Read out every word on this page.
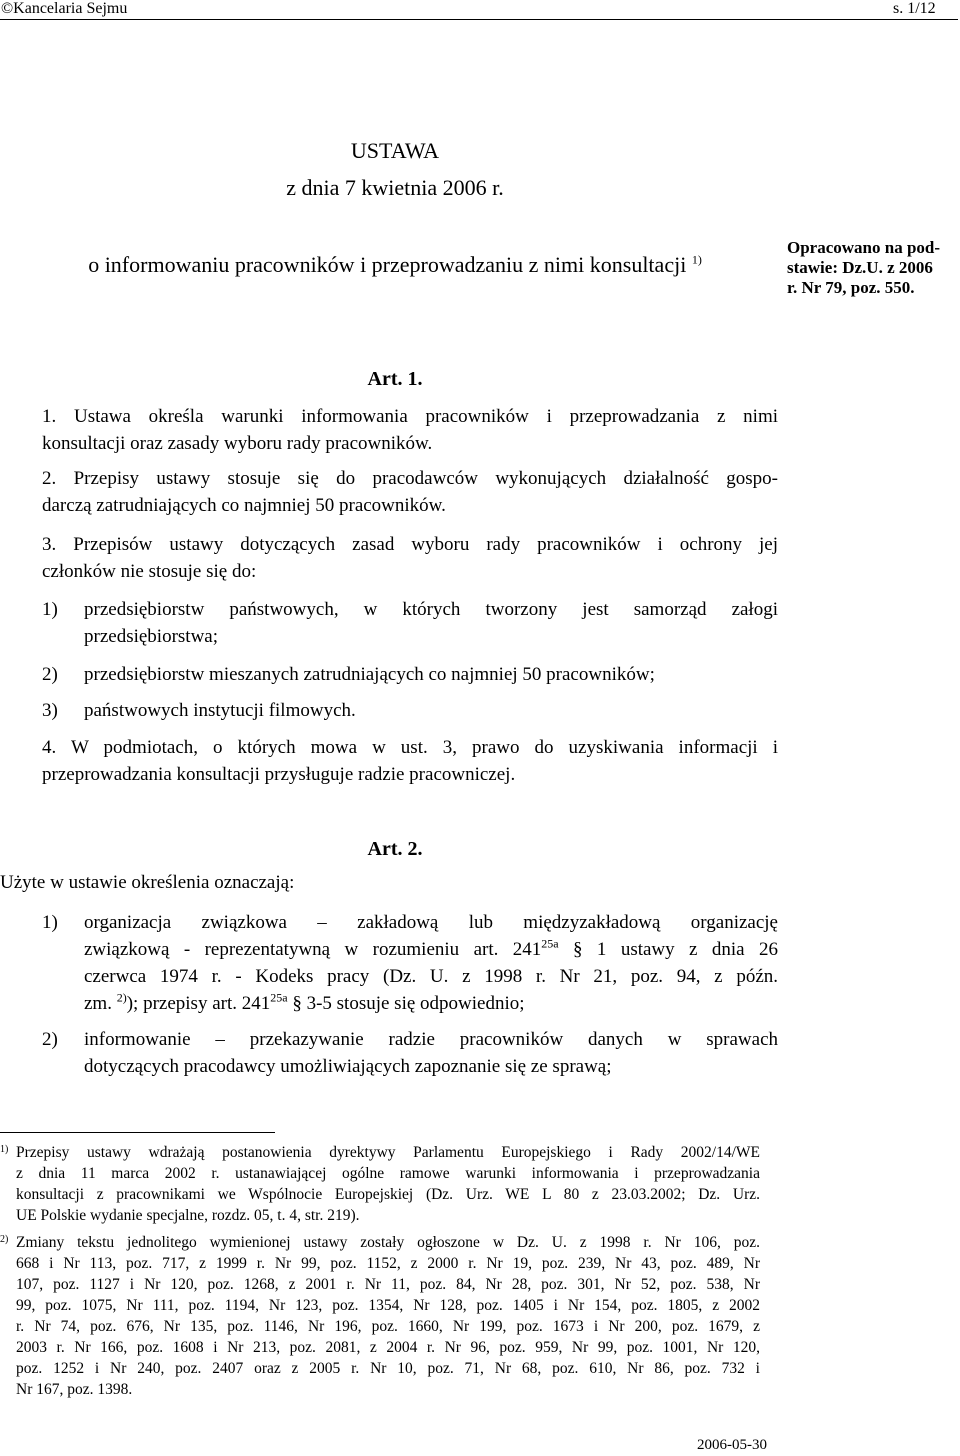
©Kancelaria Sejmu	s. 1/12
USTAWA
z dnia 7 kwietnia 2006 r.
o informowaniu pracowników i przeprowadzaniu z nimi konsultacji $^{1)}$
Opracowano na pod-
stawie: Dz.U. z 2006
r. Nr 79, poz. 550.
Art. 1.
1. Ustawa określa warunki informowania pracowników i przeprowadzania z nimi
konsultacji oraz zasady wyboru rady pracowników.
2. Przepisy ustawy stosuje się do pracodawców wykonujących działalność gospo-
darczą zatrudniających co najmniej 50 pracowników.
3. Przepisów ustawy dotyczących zasad wyboru rady pracowników i ochrony jej
członków nie stosuje się do:
1)	przedsiębiorstw państwowych, w których tworzony jest samorząd załogi
przedsiębiorstwa;
2)	przedsiębiorstw mieszanych zatrudniających co najmniej 50 pracowników;
3)	państwowych instytucji filmowych.
4. W podmiotach, o których mowa w ust. 3, prawo do uzyskiwania informacji i
przeprowadzania konsultacji przysługuje radzie pracowniczej.
Art. 2.
Użyte w ustawie określenia oznaczają:
1)	organizacja związkowa – zakładową lub międzyzakładową organizację
związkową - reprezentatywną w rozumieniu art. $241^{25a}$ § 1 ustawy z dnia 26
czerwca 1974 r. - Kodeks pracy (Dz. U. z 1998 r. Nr 21, poz. 94, z późn.
zm. $^{2)}$); przepisy art. $241^{25a}$ § 3-5 stosuje się odpowiednio;
2)	informowanie – przekazywanie radzie pracowników danych w sprawach
dotyczących pracodawcy umożliwiających zapoznanie się ze sprawą;
1) Przepisy ustawy wdrażają postanowienia dyrektywy Parlamentu Europejskiego i Rady 2002/14/WE
z dnia 11 marca 2002 r. ustanawiającej ogólne ramowe warunki informowania i przeprowadzania
konsultacji z pracownikami we Wspólnocie Europejskiej (Dz. Urz. WE L 80 z 23.03.2002; Dz. Urz.
UE Polskie wydanie specjalne, rozdz. 05, t. 4, str. 219).
2) Zmiany tekstu jednolitego wymienionej ustawy zostały ogłoszone w Dz. U. z 1998 r. Nr 106, poz.
668 i Nr 113, poz. 717, z 1999 r. Nr 99, poz. 1152, z 2000 r. Nr 19, poz. 239, Nr 43, poz. 489, Nr
107, poz. 1127 i Nr 120, poz. 1268, z 2001 r. Nr 11, poz. 84, Nr 28, poz. 301, Nr 52, poz. 538, Nr
99, poz. 1075, Nr 111, poz. 1194, Nr 123, poz. 1354, Nr 128, poz. 1405 i Nr 154, poz. 1805, z 2002
r. Nr 74, poz. 676, Nr 135, poz. 1146, Nr 196, poz. 1660, Nr 199, poz. 1673 i Nr 200, poz. 1679, z
2003 r. Nr 166, poz. 1608 i Nr 213, poz. 2081, z 2004 r. Nr 96, poz. 959, Nr 99, poz. 1001, Nr 120,
poz. 1252 i Nr 240, poz. 2407 oraz z 2005 r. Nr 10, poz. 71, Nr 68, poz. 610, Nr 86, poz. 732 i
Nr 167, poz. 1398.
2006-05-30
